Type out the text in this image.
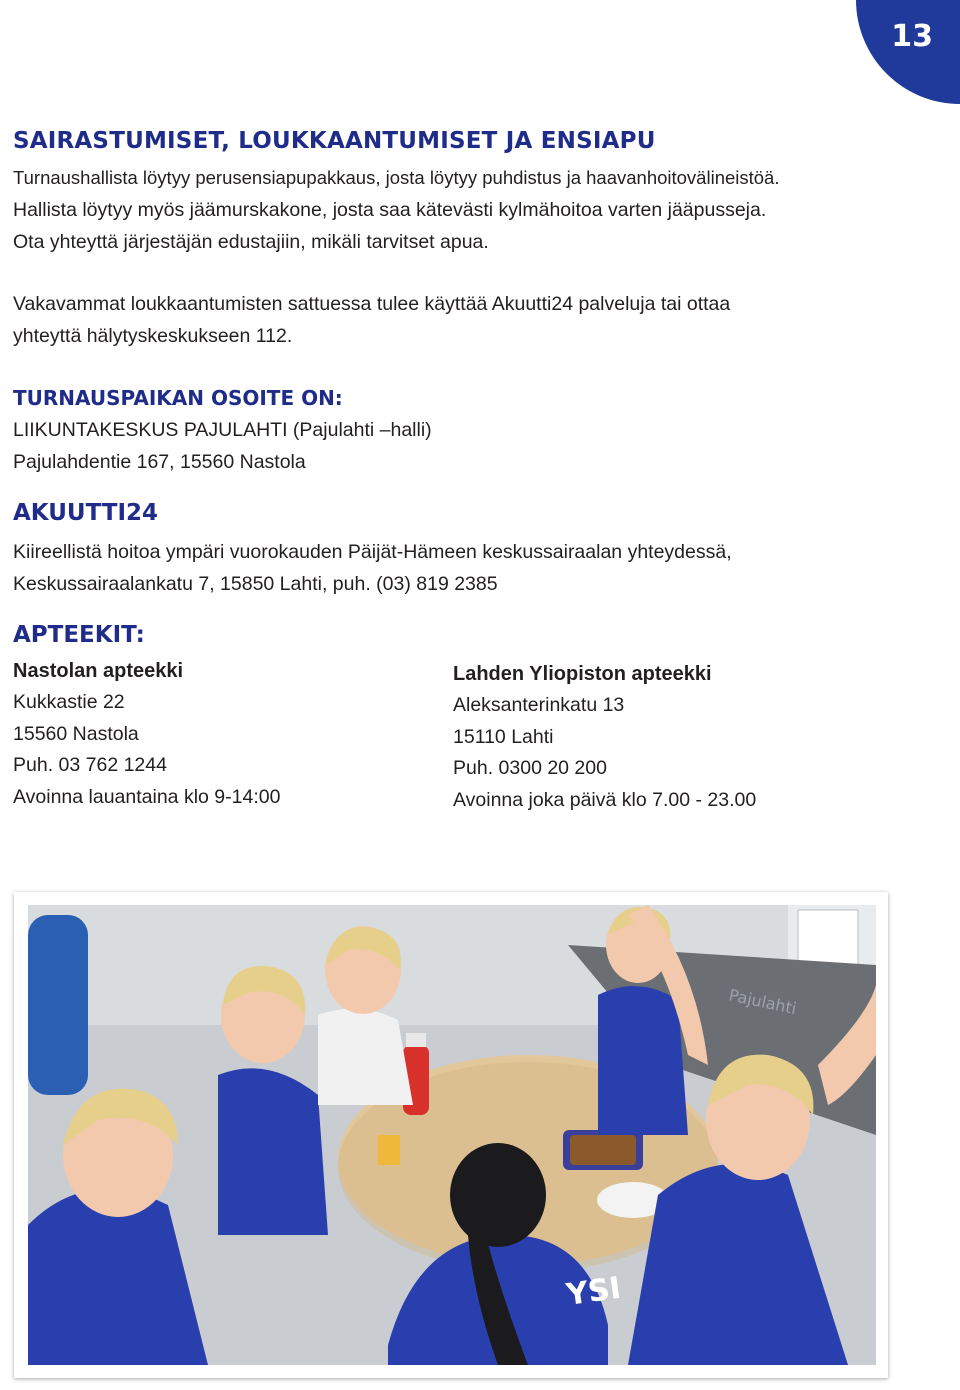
13
SAIRASTUMISET, LOUKKAANTUMISET JA ENSIAPU

Turnaushallista löytyy perusensiapupakkaus, josta löytyy puhdistus ja haavanhoitovälineistöä.

Hallista löytyy myös jäämurskakone, josta saa kätevästi kylmähoitoa varten jääpusseja.

Ota yhteyttä järjestäjän edustajiin, mikäli tarvitset apua.

Vakavammat loukkaantumisten sattuessa tulee käyttää Akuutti24 palveluja tai ottaa

yhteyttä hälytyskeskukseen 112.

TURNAUSPAIKAN OSOITE ON:

LIIKUNTAKESKUS PAJULAHTI (Pajulahti –halli)

Pajulahdentie 167, 15560 Nastola

AKUUTTI24

Kiireellistä hoitoa ympäri vuorokauden Päijät-Hämeen keskussairaalan yhteydessä,

Keskussairaalankatu 7, 15850 Lahti, puh. (03) 819 2385

APTEEKIT:
Nastolan apteekki

Kukkastie 22

15560 Nastola

Puh. 03 762 1244

Avoinna lauantaina klo 9-14:00

Lahden Yliopiston apteekki

Aleksanterinkatu 13

15110 Lahti

Puh. 0300 20 200

Avoinna joka päivä klo 7.00 - 23.00

Pajulahti
YSI
